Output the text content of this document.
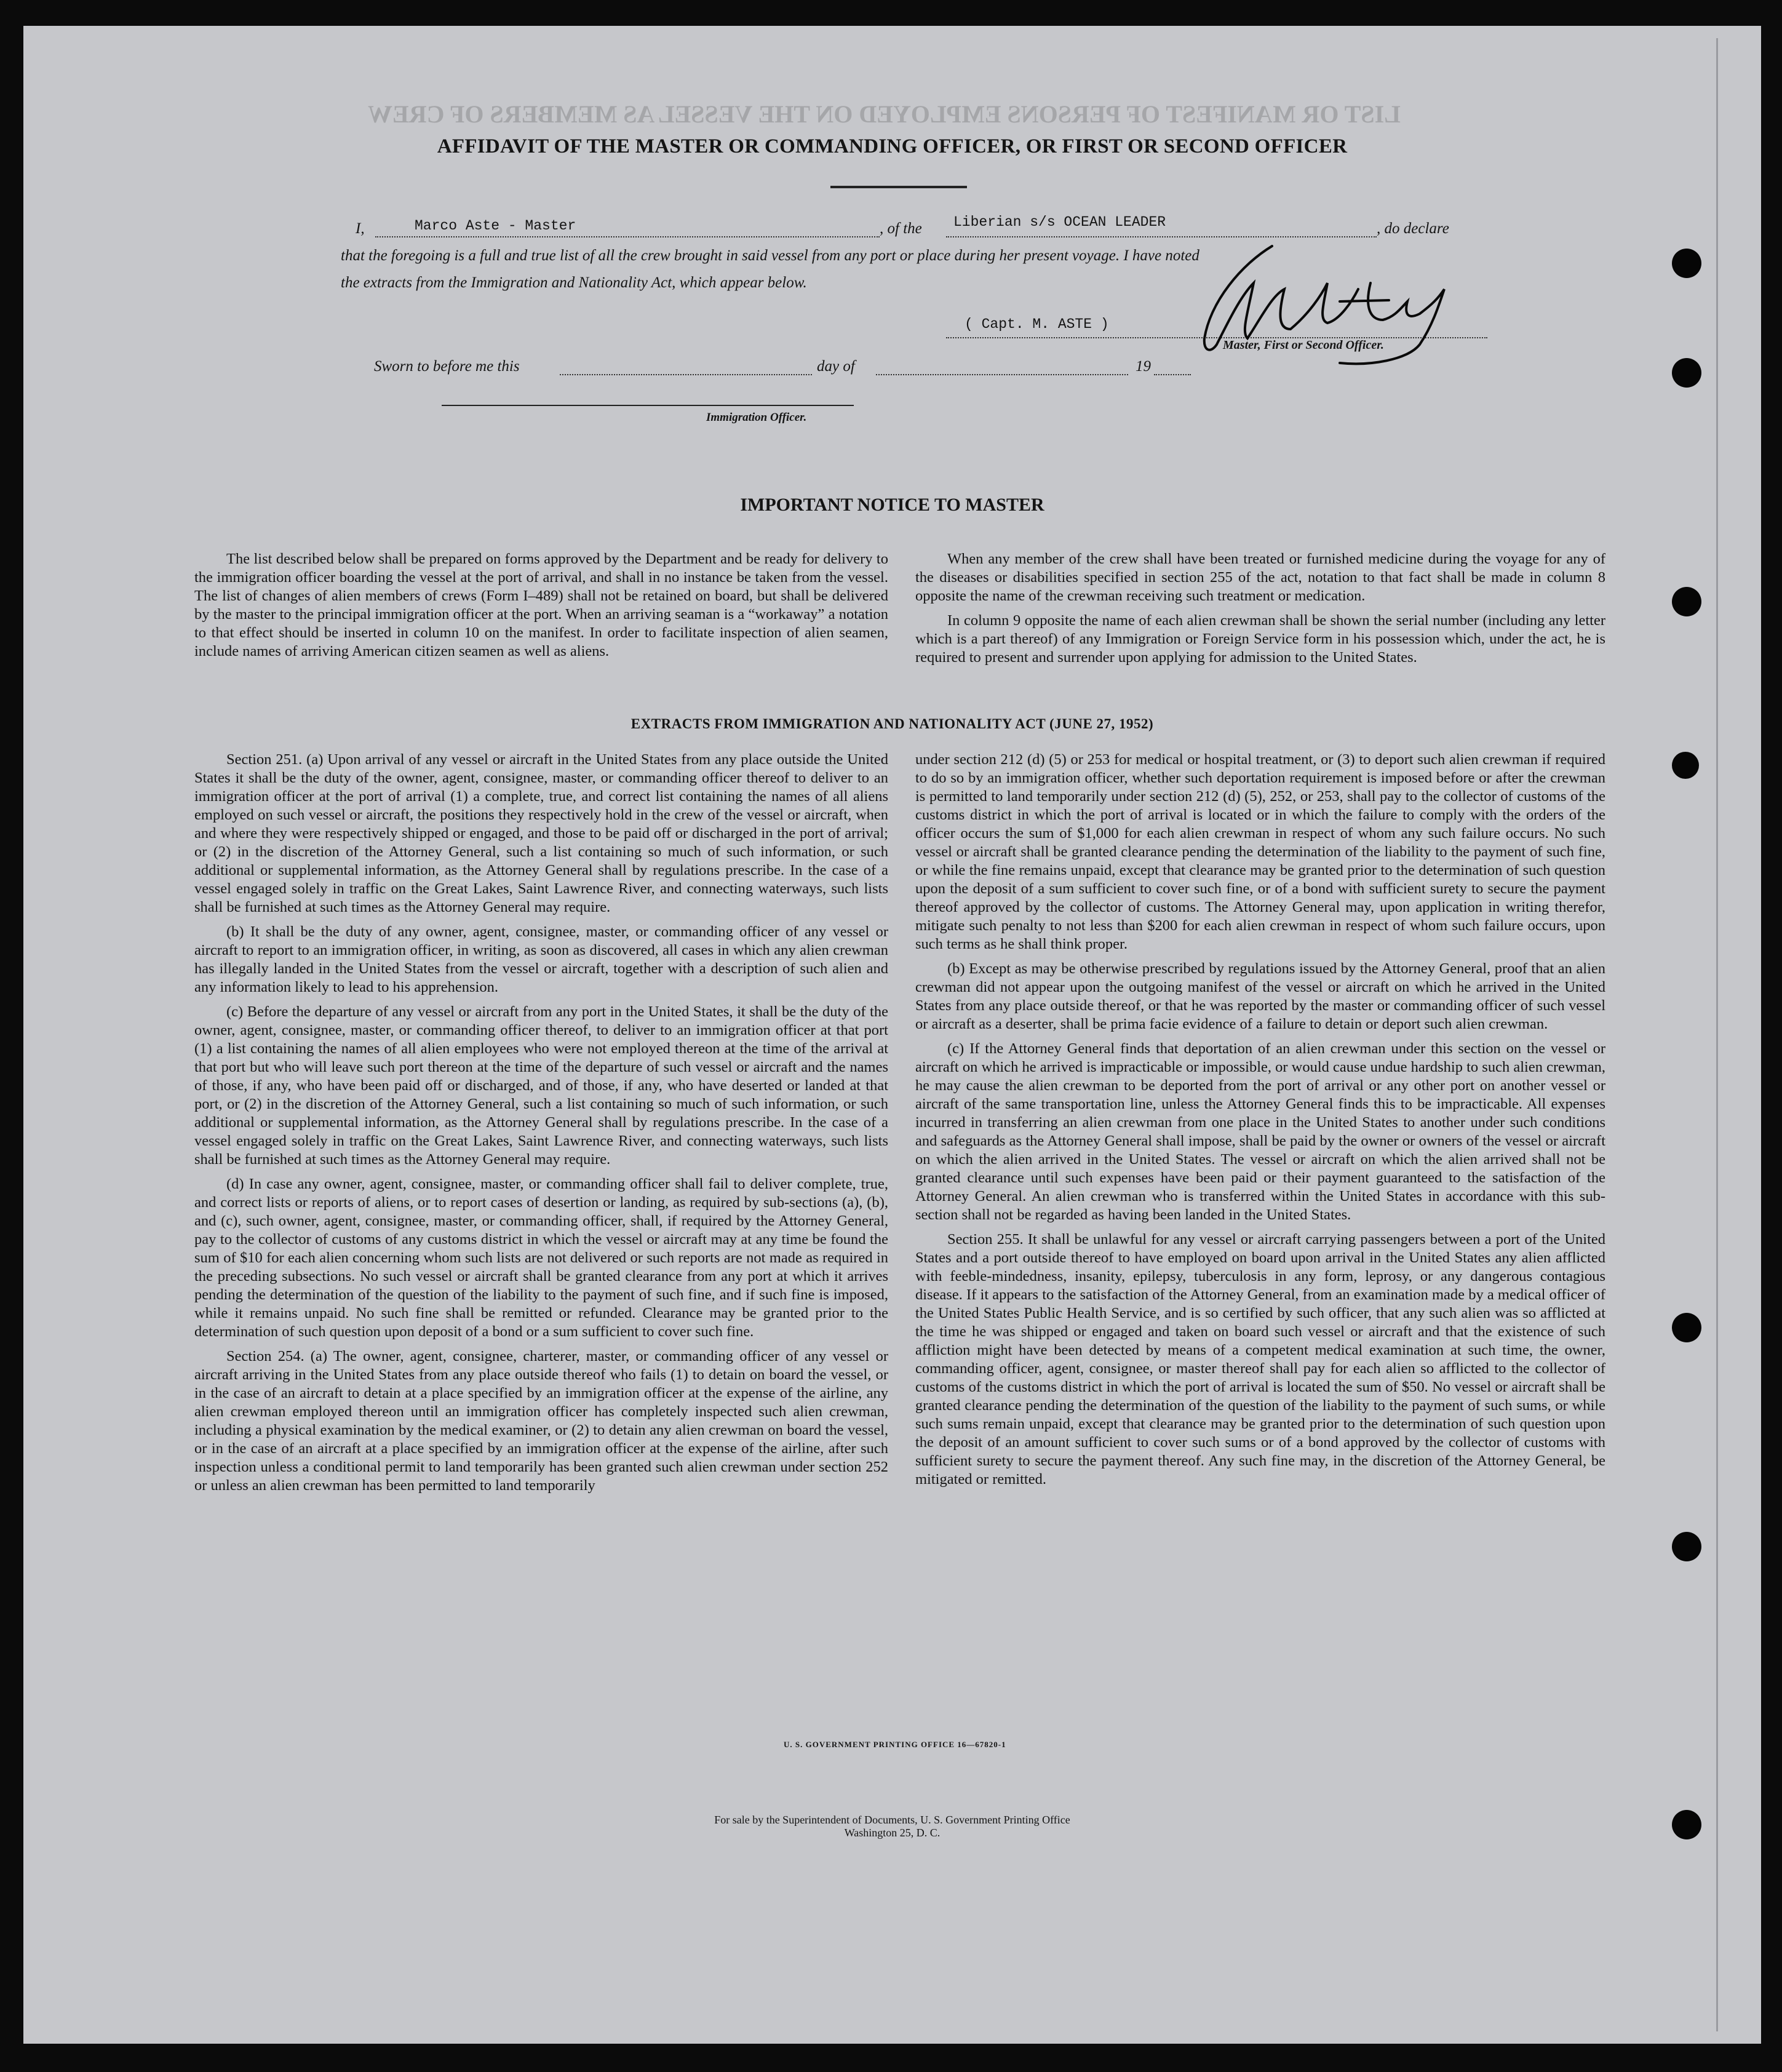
LIST OR MANIFEST OF PERSONS EMPLOYED ON THE VESSEL AS MEMBERS OF CREW
AFFIDAVIT OF THE MASTER OR COMMANDING OFFICER, OR FIRST OR SECOND OFFICER
I,	Marco Aste - Master	, of the Liberian s/s OCEAN LEADER	, do declare
that the foregoing is a full and true list of all the crew brought in said vessel from any port or place during her present voyage. I have noted
the extracts from the Immigration and Nationality Act, which appear below.
( Capt. M. ASTE )
Master, First or Second Officer.
Sworn to before me this	day of	19
Immigration Officer.
IMPORTANT NOTICE TO MASTER

The list described below shall be prepared on forms approved by the Department and be ready for delivery to the immigration officer boarding the vessel at the port of arrival, and shall in no instance be taken from the vessel. The list of changes of alien members of crews (Form I–489) shall not be retained on board, but shall be delivered by the master to the principal immigration officer at the port. When an arriving seaman is a “workaway” a notation to that effect should be inserted in column 10 on the manifest. In order to facilitate inspection of alien seamen, include names of arriving American citizen seamen as well as aliens.

When any member of the crew shall have been treated or furnished medicine during the voyage for any of the diseases or disabilities specified in section 255 of the act, notation to that fact shall be made in column 8 opposite the name of the crewman receiving such treatment or medication.

In column 9 opposite the name of each alien crewman shall be shown the serial number (including any letter which is a part thereof) of any Immigration or Foreign Service form in his possession which, under the act, he is required to present and surrender upon applying for admission to the United States.

EXTRACTS FROM IMMIGRATION AND NATIONALITY ACT (JUNE 27, 1952)

Section 251. (a) Upon arrival of any vessel or aircraft in the United States from any place outside the United States it shall be the duty of the owner, agent, consignee, master, or commanding officer thereof to deliver to an immigration officer at the port of arrival (1) a complete, true, and correct list containing the names of all aliens employed on such vessel or aircraft, the positions they respectively hold in the crew of the vessel or aircraft, when and where they were respectively shipped or engaged, and those to be paid off or discharged in the port of arrival; or (2) in the discretion of the Attorney General, such a list containing so much of such information, or such additional or supplemental information, as the Attorney General shall by regulations prescribe. In the case of a vessel engaged solely in traffic on the Great Lakes, Saint Lawrence River, and connecting waterways, such lists shall be furnished at such times as the Attorney General may require.

(b) It shall be the duty of any owner, agent, consignee, master, or commanding officer of any vessel or aircraft to report to an immigration officer, in writing, as soon as discovered, all cases in which any alien crewman has illegally landed in the United States from the vessel or aircraft, together with a description of such alien and any information likely to lead to his apprehension.

(c) Before the departure of any vessel or aircraft from any port in the United States, it shall be the duty of the owner, agent, consignee, master, or commanding officer thereof, to deliver to an immigration officer at that port (1) a list containing the names of all alien employees who were not employed thereon at the time of the arrival at that port but who will leave such port thereon at the time of the departure of such vessel or aircraft and the names of those, if any, who have been paid off or discharged, and of those, if any, who have deserted or landed at that port, or (2) in the discretion of the Attorney General, such a list containing so much of such information, or such additional or supplemental information, as the Attorney General shall by regulations prescribe. In the case of a vessel engaged solely in traffic on the Great Lakes, Saint Lawrence River, and connecting waterways, such lists shall be furnished at such times as the Attorney General may require.

(d) In case any owner, agent, consignee, master, or commanding officer shall fail to deliver complete, true, and correct lists or reports of aliens, or to report cases of desertion or landing, as required by sub-sections (a), (b), and (c), such owner, agent, consignee, master, or commanding officer, shall, if required by the Attorney General, pay to the collector of customs of any customs district in which the vessel or aircraft may at any time be found the sum of $10 for each alien concerning whom such lists are not delivered or such reports are not made as required in the preceding subsections. No such vessel or aircraft shall be granted clearance from any port at which it arrives pending the determination of the question of the liability to the payment of such fine, and if such fine is imposed, while it remains unpaid. No such fine shall be remitted or refunded. Clearance may be granted prior to the determination of such question upon deposit of a bond or a sum sufficient to cover such fine.

Section 254. (a) The owner, agent, consignee, charterer, master, or commanding officer of any vessel or aircraft arriving in the United States from any place outside thereof who fails (1) to detain on board the vessel, or in the case of an aircraft to detain at a place specified by an immigration officer at the expense of the airline, any alien crewman employed thereon until an immigration officer has completely inspected such alien crewman, including a physical examination by the medical examiner, or (2) to detain any alien crewman on board the vessel, or in the case of an aircraft at a place specified by an immigration officer at the expense of the airline, after such inspection unless a conditional permit to land temporarily has been granted such alien crewman under section 252 or unless an alien crewman has been permitted to land temporarily

under section 212 (d) (5) or 253 for medical or hospital treatment, or (3) to deport such alien crewman if required to do so by an immigration officer, whether such deportation requirement is imposed before or after the crewman is permitted to land temporarily under section 212 (d) (5), 252, or 253, shall pay to the collector of customs of the customs district in which the port of arrival is located or in which the failure to comply with the orders of the officer occurs the sum of $1,000 for each alien crewman in respect of whom any such failure occurs. No such vessel or aircraft shall be granted clearance pending the determination of the liability to the payment of such fine, or while the fine remains unpaid, except that clearance may be granted prior to the determination of such question upon the deposit of a sum sufficient to cover such fine, or of a bond with sufficient surety to secure the payment thereof approved by the collector of customs. The Attorney General may, upon application in writing therefor, mitigate such penalty to not less than $200 for each alien crewman in respect of whom such failure occurs, upon such terms as he shall think proper.

(b) Except as may be otherwise prescribed by regulations issued by the Attorney General, proof that an alien crewman did not appear upon the outgoing manifest of the vessel or aircraft on which he arrived in the United States from any place outside thereof, or that he was reported by the master or commanding officer of such vessel or aircraft as a deserter, shall be prima facie evidence of a failure to detain or deport such alien crewman.

(c) If the Attorney General finds that deportation of an alien crewman under this section on the vessel or aircraft on which he arrived is impracticable or impossible, or would cause undue hardship to such alien crewman, he may cause the alien crewman to be deported from the port of arrival or any other port on another vessel or aircraft of the same transportation line, unless the Attorney General finds this to be impracticable. All expenses incurred in transferring an alien crewman from one place in the United States to another under such conditions and safeguards as the Attorney General shall impose, shall be paid by the owner or owners of the vessel or aircraft on which the alien arrived in the United States. The vessel or aircraft on which the alien arrived shall not be granted clearance until such expenses have been paid or their payment guaranteed to the satisfaction of the Attorney General. An alien crewman who is transferred within the United States in accordance with this sub-section shall not be regarded as having been landed in the United States.

Section 255. It shall be unlawful for any vessel or aircraft carrying passengers between a port of the United States and a port outside thereof to have employed on board upon arrival in the United States any alien afflicted with feeble-mindedness, insanity, epilepsy, tuberculosis in any form, leprosy, or any dangerous contagious disease. If it appears to the satisfaction of the Attorney General, from an examination made by a medical officer of the United States Public Health Service, and is so certified by such officer, that any such alien was so afflicted at the time he was shipped or engaged and taken on board such vessel or aircraft and that the existence of such affliction might have been detected by means of a competent medical examination at such time, the owner, commanding officer, agent, consignee, or master thereof shall pay for each alien so afflicted to the collector of customs of the customs district in which the port of arrival is located the sum of $50. No vessel or aircraft shall be granted clearance pending the determination of the question of the liability to the payment of such sums, or while such sums remain unpaid, except that clearance may be granted prior to the determination of such question upon the deposit of an amount sufficient to cover such sums or of a bond approved by the collector of customs with sufficient surety to secure the payment thereof. Any such fine may, in the discretion of the Attorney General, be mitigated or remitted.

U. S. GOVERNMENT PRINTING OFFICE 16—67820-1
For sale by the Superintendent of Documents, U. S. Government Printing Office
Washington 25, D. C.
